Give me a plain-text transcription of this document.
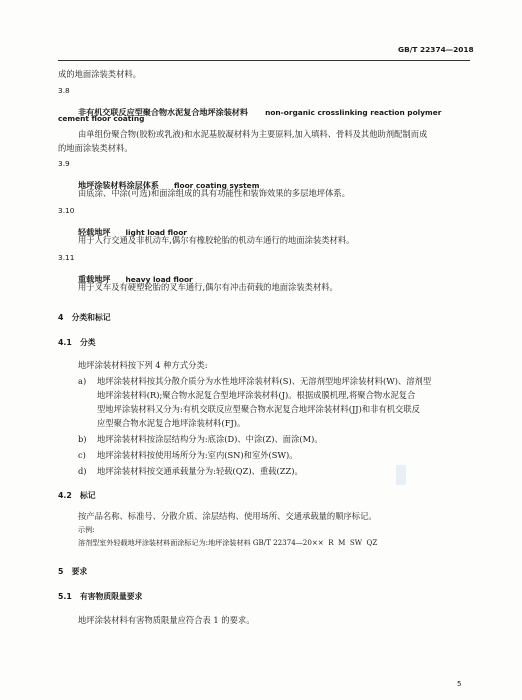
GB/T 22374—2018
成的地面涂装类材料。
3.8
非有机交联反应型聚合物水泥复合地坪涂装材料 non-organic crosslinking reaction polymer
cement floor coating
由单组份聚合物(胶粉或乳液)和水泥基胶凝材料为主要原料,加入填料、骨料及其他助剂配制而成
的地面涂装类材料。
3.9
地坪涂装材料涂层体系 floor coating system
由底涂、中涂(可选)和面涂组成的具有功能性和装饰效果的多层地坪体系。
3.10
轻载地坪 light load floor
用于人行交通及非机动车,偶尔有橡胶轮胎的机动车通行的地面涂装类材料。
3.11
重载地坪 heavy load floor
用于叉车及有硬塑轮胎的叉车通行,偶尔有冲击荷载的地面涂装类材料。
4   分类和标记
4.1   分类
地坪涂装材料按下列 4 种方式分类:
a) 地坪涂装材料按其分散介质分为水性地坪涂装材料(S)、无溶剂型地坪涂装材料(W)、溶剂型
地坪涂装材料(R);聚合物水泥复合型地坪涂装材料(J)。根据成膜机理,将聚合物水泥复合
型地坪涂装材料又分为:有机交联反应型聚合物水泥复合地坪涂装材料(JJ)和非有机交联反
应型聚合物水泥复合地坪涂装材料(FJ)。
b) 地坪涂装材料按涂层结构分为:底涂(D)、中涂(Z)、面涂(M)。
c) 地坪涂装材料按使用场所分为:室内(SN)和室外(SW)。
d) 地坪涂装材料按交通承载量分为:轻载(QZ)、重载(ZZ)。
4.2   标记
按产品名称、标准号、分散介质、涂层结构、使用场所、交通承载量的顺序标记。
示例:
溶剂型室外轻载地坪涂装材料面涂标记为:地坪涂装材料 GB/T 22374—20××  R  M  SW  QZ
5   要求
5.1   有害物质限量要求
地坪涂装材料有害物质限量应符合表 1 的要求。
5
